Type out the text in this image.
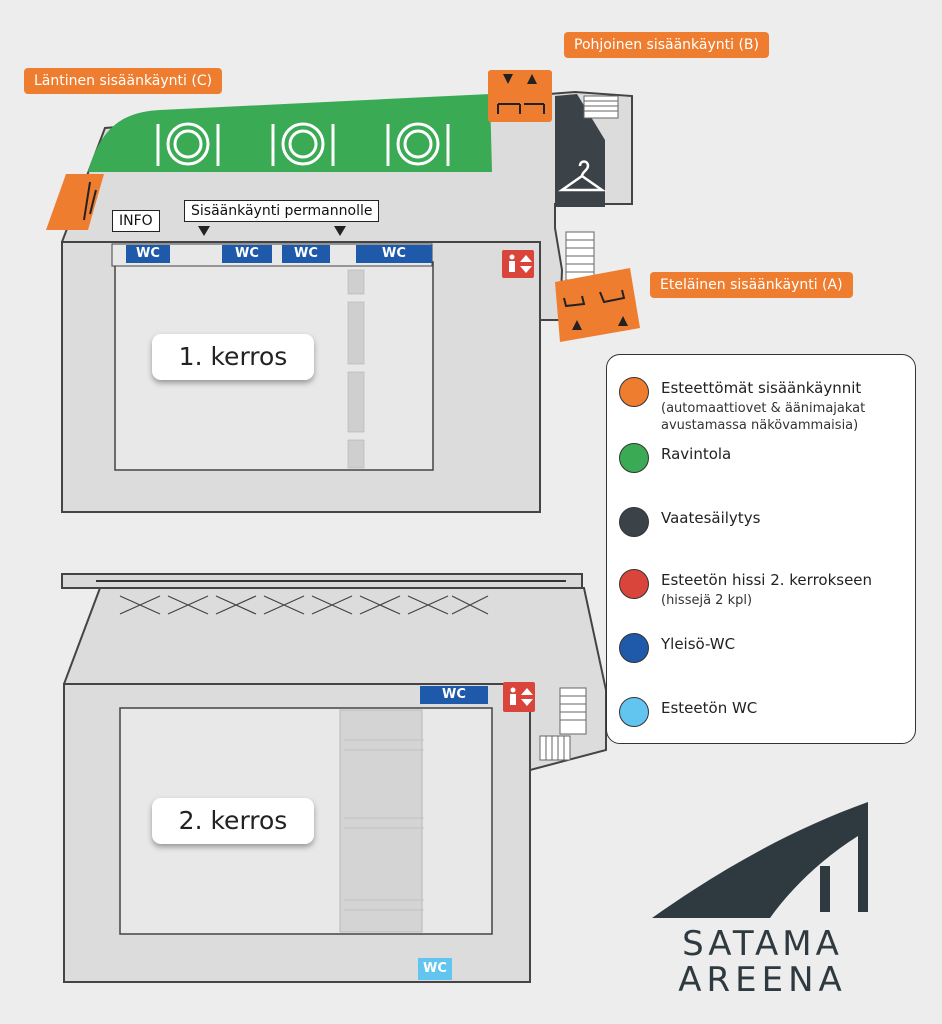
Läntinen sisäänkäynti (C)
Pohjoinen sisäänkäynti (B)
Eteläinen sisäänkäynti (A)
INFO
Sisäänkäynti permannolle
WC	WC	WC	WC
1. kerros
WC
WC
2. kerros
Esteettömät sisäänkäynnit
(automaattiovet & äänimajakat
avustamassa näkövammaisia)
Ravintola
Vaatesäilytys
Esteetön hissi 2. kerrokseen
(hissejä 2 kpl)
Yleisö-WC
Esteetön WC
SATAMA
AREENA
